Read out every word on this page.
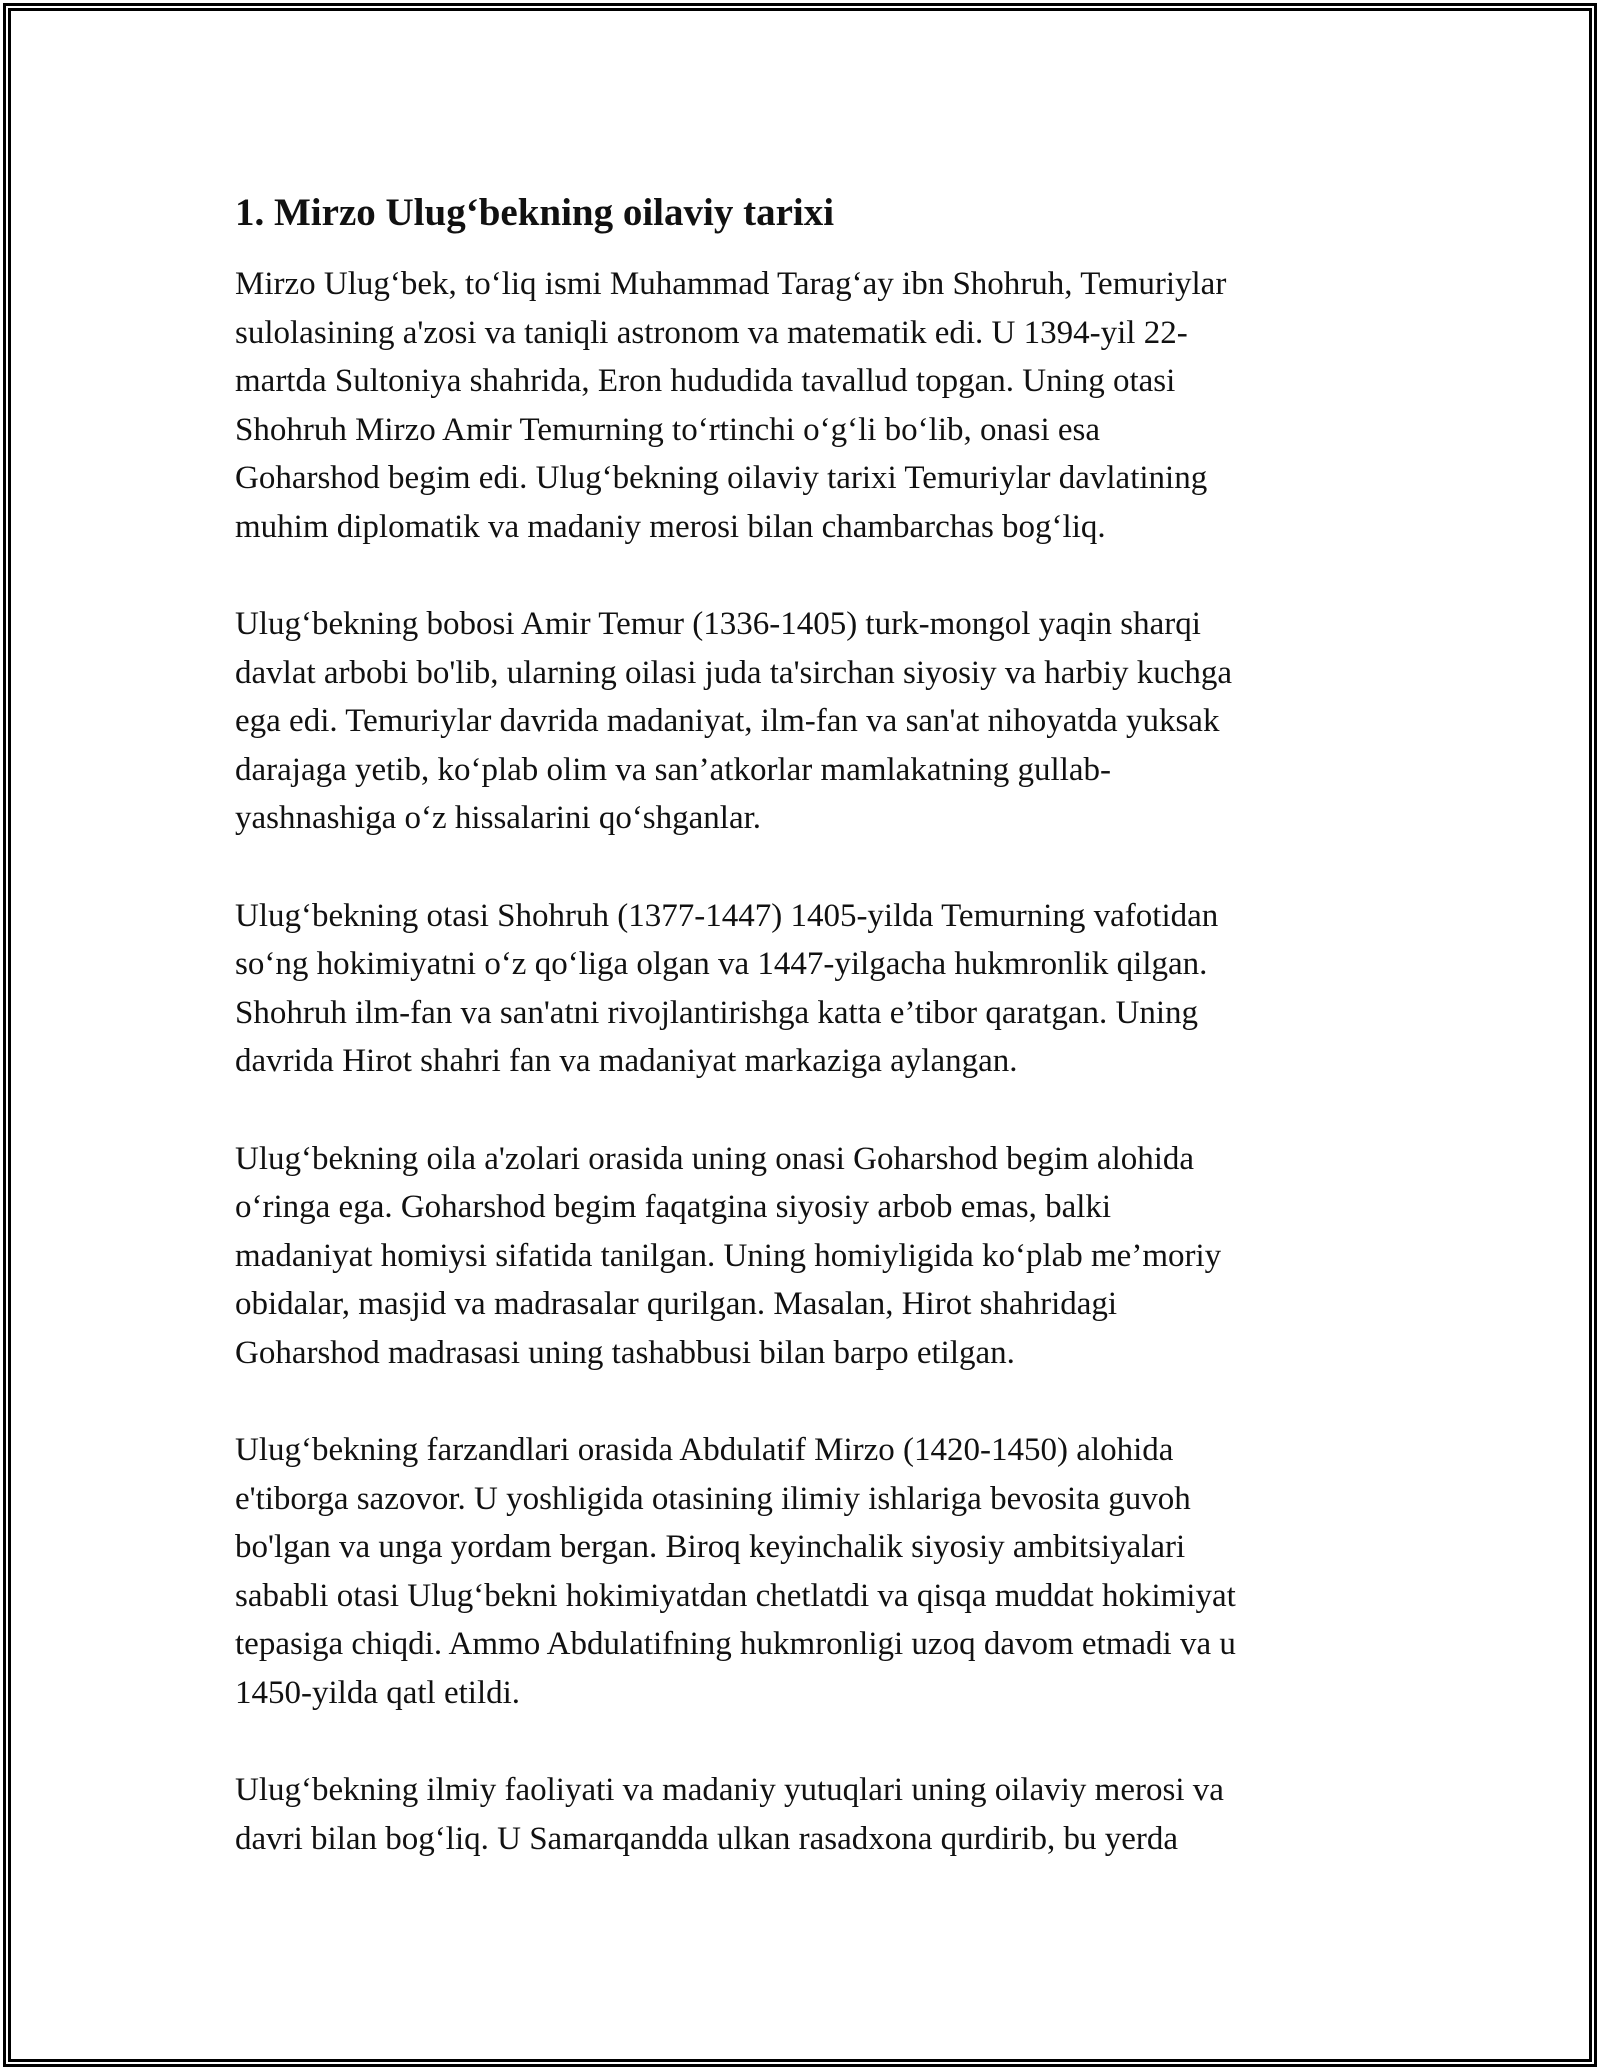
1. Mirzo Ulug‘bekning oilaviy tarixi

Mirzo Ulug‘bek, to‘liq ismi Muhammad Tarag‘ay ibn Shohruh, Temuriylar
sulolasining a'zosi va taniqli astronom va matematik edi. U 1394-yil 22-
martda Sultoniya shahrida, Eron hududida tavallud topgan. Uning otasi
Shohruh Mirzo Amir Temurning to‘rtinchi o‘g‘li bo‘lib, onasi esa
Goharshod begim edi. Ulug‘bekning oilaviy tarixi Temuriylar davlatining
muhim diplomatik va madaniy merosi bilan chambarchas bog‘liq.

Ulug‘bekning bobosi Amir Temur (1336-1405) turk-mongol yaqin sharqi
davlat arbobi bo'lib, ularning oilasi juda ta'sirchan siyosiy va harbiy kuchga
ega edi. Temuriylar davrida madaniyat, ilm-fan va san'at nihoyatda yuksak
darajaga yetib, ko‘plab olim va san’atkorlar mamlakatning gullab-
yashnashiga o‘z hissalarini qo‘shganlar.

Ulug‘bekning otasi Shohruh (1377-1447) 1405-yilda Temurning vafotidan
so‘ng hokimiyatni o‘z qo‘liga olgan va 1447-yilgacha hukmronlik qilgan.
Shohruh ilm-fan va san'atni rivojlantirishga katta e’tibor qaratgan. Uning
davrida Hirot shahri fan va madaniyat markaziga aylangan.

Ulug‘bekning oila a'zolari orasida uning onasi Goharshod begim alohida
o‘ringa ega. Goharshod begim faqatgina siyosiy arbob emas, balki
madaniyat homiysi sifatida tanilgan. Uning homiyligida ko‘plab me’moriy
obidalar, masjid va madrasalar qurilgan. Masalan, Hirot shahridagi
Goharshod madrasasi uning tashabbusi bilan barpo etilgan.

Ulug‘bekning farzandlari orasida Abdulatif Mirzo (1420-1450) alohida
e'tiborga sazovor. U yoshligida otasining ilimiy ishlariga bevosita guvoh
bo'lgan va unga yordam bergan. Biroq keyinchalik siyosiy ambitsiyalari
sababli otasi Ulug‘bekni hokimiyatdan chetlatdi va qisqa muddat hokimiyat
tepasiga chiqdi. Ammo Abdulatifning hukmronligi uzoq davom etmadi va u
1450-yilda qatl etildi.

Ulug‘bekning ilmiy faoliyati va madaniy yutuqlari uning oilaviy merosi va
davri bilan bog‘liq. U Samarqandda ulkan rasadxona qurdirib, bu yerda
